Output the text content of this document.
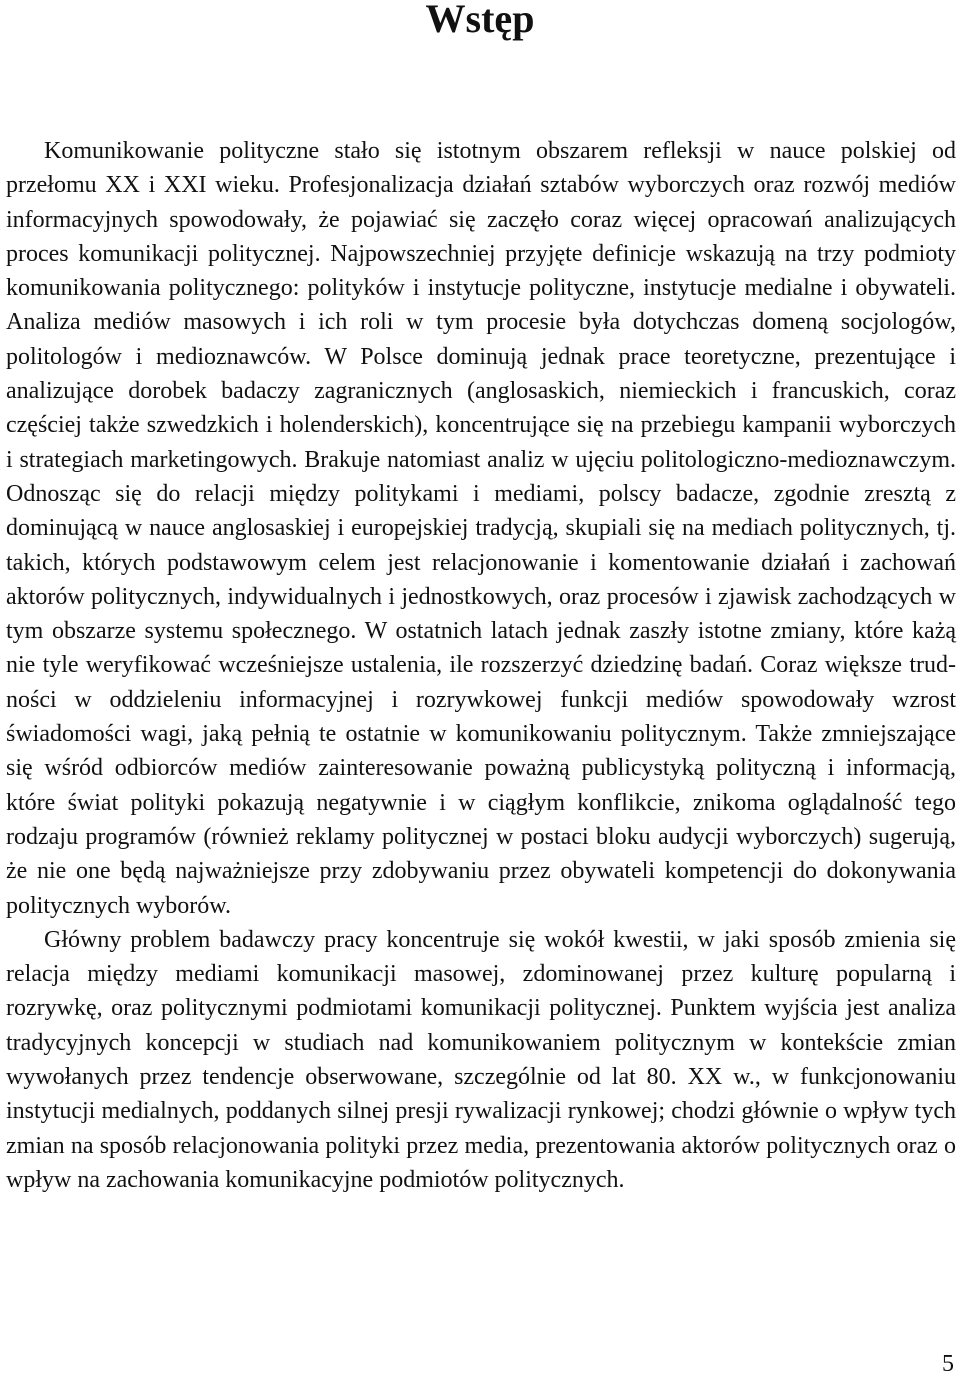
Wstęp

Komunikowanie polityczne stało się istotnym obszarem refleksji w nauce polskiej od przełomu XX i XXI wieku. Profesjonalizacja działań sztabów wyborczych oraz rozwój mediów informacyjnych spowodowały, że pojawiać się zaczęło coraz więcej opracowań analizujących proces komunikacji politycznej. Najpowszechniej przyjęte definicje wskazują na trzy podmioty komunikowania politycznego: polityków i instytucje polityczne, instytucje medialne i obywateli. Analiza mediów masowych i ich roli w tym procesie była dotychczas domeną socjologów, politologów i medioznawców. W Polsce dominują jednak prace teoretyczne, prezentujące i analizujące dorobek badaczy zagranicznych (anglosaskich, niemieckich i francuskich, coraz częściej także szwedzkich i holenderskich), koncentrujące się na przebiegu kampanii wyborczych i strategiach marketingowych. Brakuje natomiast analiz w ujęciu politologiczno-medioznawczym. Odnosząc się do relacji między politykami i mediami, polscy badacze, zgodnie zresztą z dominującą w nauce anglosaskiej i europejskiej tradycją, skupiali się na mediach politycznych, tj. takich, których podstawowym celem jest relacjonowanie i komentowanie działań i zachowań aktorów politycznych, indywidualnych i jednostkowych, oraz procesów i zjawisk zachodzących w tym obszarze systemu społecznego. W ostatnich latach jednak zaszły istotne zmiany, które każą nie tyle weryfikować wcześniejsze ustalenia, ile rozszerzyć dziedzinę badań. Coraz większe trudności w oddzieleniu informacyjnej i rozrywkowej funkcji mediów spowodowały wzrost świadomości wagi, jaką pełnią te ostatnie w komunikowaniu politycznym. Także zmniejszające się wśród odbiorców mediów zainteresowanie poważną publicystyką polityczną i informacją, które świat polityki pokazują negatywnie i w ciągłym konflikcie, znikoma oglądalność tego rodzaju programów (również reklamy politycznej w postaci bloku audycji wyborczych) sugerują, że nie one będą najważniejsze przy zdobywaniu przez obywateli kompetencji do dokonywania politycznych wyborów.

Główny problem badawczy pracy koncentruje się wokół kwestii, w jaki sposób zmienia się relacja między mediami komunikacji masowej, zdominowanej przez kulturę popularną i rozrywkę, oraz politycznymi podmiotami komunikacji politycznej. Punktem wyjścia jest analiza tradycyjnych koncepcji w studiach nad komunikowaniem politycznym w kontekście zmian wywołanych przez tendencje obserwowane, szczególnie od lat 80. XX w., w funkcjonowaniu instytucji medialnych, poddanych silnej presji rywalizacji rynkowej; chodzi głównie o wpływ tych zmian na sposób relacjonowania polityki przez media, prezentowania aktorów politycznych oraz o wpływ na zachowania komunikacyjne podmiotów politycznych.

5
